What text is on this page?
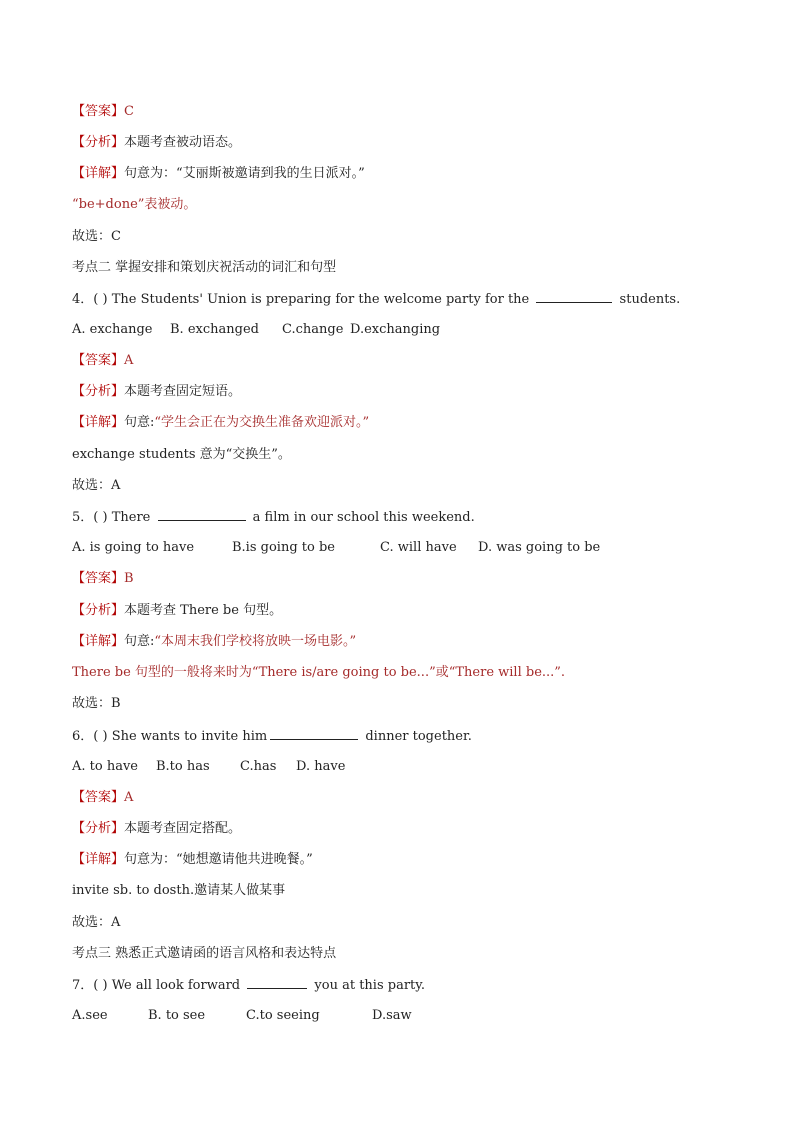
【答案】C
【分析】本题考查被动语态。
【详解】句意为：“艾丽斯被邀请到我的生日派对。”
“be+done”表被动。
故选：C
考点二 掌握安排和策划庆祝活动的词汇和句型
4．( ) The Students' Union is preparing for the welcome party for the	students.
A. exchange B. exchanged C.change D.exchanging
【答案】A
【分析】本题考查固定短语。
【详解】句意:“学生会正在为交换生准备欢迎派对。”
exchange students 意为“交换生”。
故选：A
5．( ) There	a film in our school this weekend.
A. is going to have	B.is going to be	C. will have D. was going to be
【答案】B
【分析】本题考查 There be 句型。
【详解】句意:“本周末我们学校将放映一场电影。”
There be 句型的一般将来时为“There is/are going to be...”或“There will be...”.
故选：B
6．( ) She wants to invite him	dinner together.
A. to have B.to has C.has D. have
【答案】A
【分析】本题考查固定搭配。
【详解】句意为：“她想邀请他共进晚餐。”
invite sb. to dosth.邀请某人做某事
故选：A
考点三 熟悉正式邀请函的语言风格和表达特点
7．( ) We all look forward	you at this party.
A.see	B. to see	C.to seeing	D.saw
